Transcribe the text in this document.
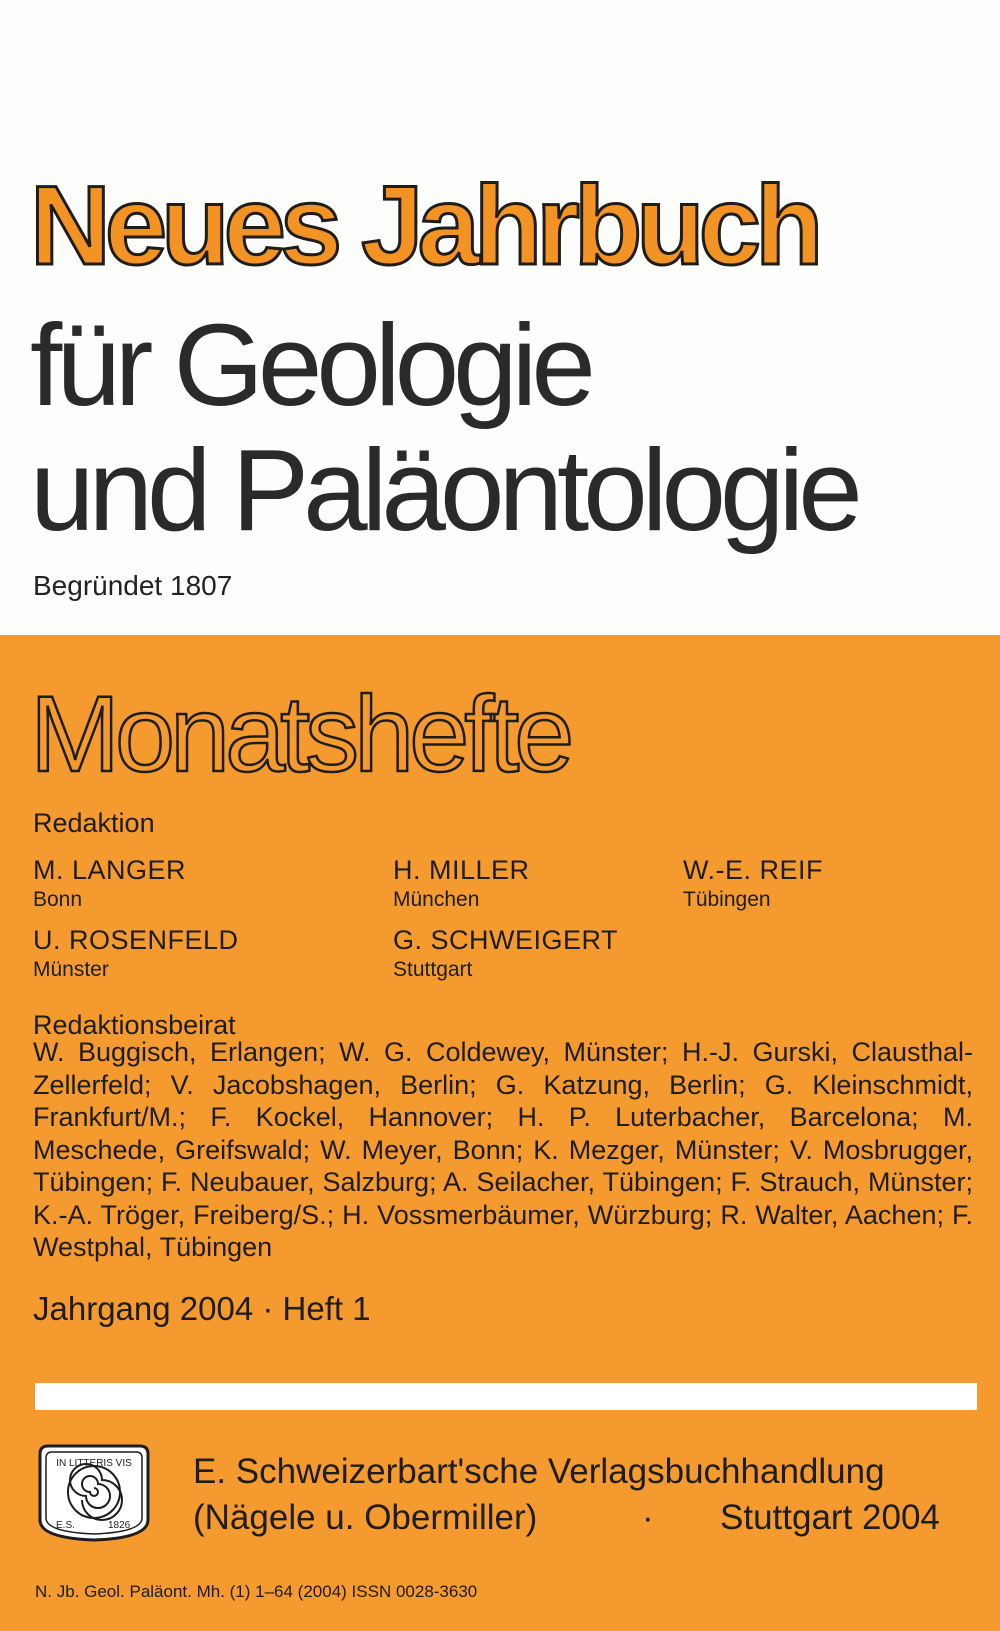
Neues Jahrbuch
für Geologie
und Paläontologie
Begründet 1807
Monatshefte
Redaktion
M. LANGER
Bonn
H. MILLER
München
W.-E. REIF
Tübingen
U. ROSENFELD
Münster
G. SCHWEIGERT
Stuttgart
Redaktionsbeirat

W. Buggisch, Erlangen; W. G. Coldewey, Münster; H.-J. Gurski, Clausthal-Zellerfeld; V. Jacobshagen, Berlin; G. Katzung, Berlin; G. Kleinschmidt, Frankfurt/M.; F. Kockel, Hannover; H. P. Luterbacher, Barcelona; M. Meschede, Greifswald; W. Meyer, Bonn; K. Mezger, Münster; V. Mosbrugger, Tübingen; F. Neubauer, Salzburg; A. Seilacher, Tübingen; F. Strauch, Münster; K.-A. Tröger, Freiberg/S.; H. Vossmerbäumer, Würzburg; R. Walter, Aachen; F. Westphal, Tübingen

Jahrgang 2004 · Heft 1
IN LITTERIS VIS
E.S.	1826
E. Schweizerbart'sche Verlagsbuchhandlung
(Nägele u. Obermiller)	· Stuttgart 2004
N. Jb. Geol. Paläont. Mh. (1) 1–64 (2004) ISSN 0028-3630
